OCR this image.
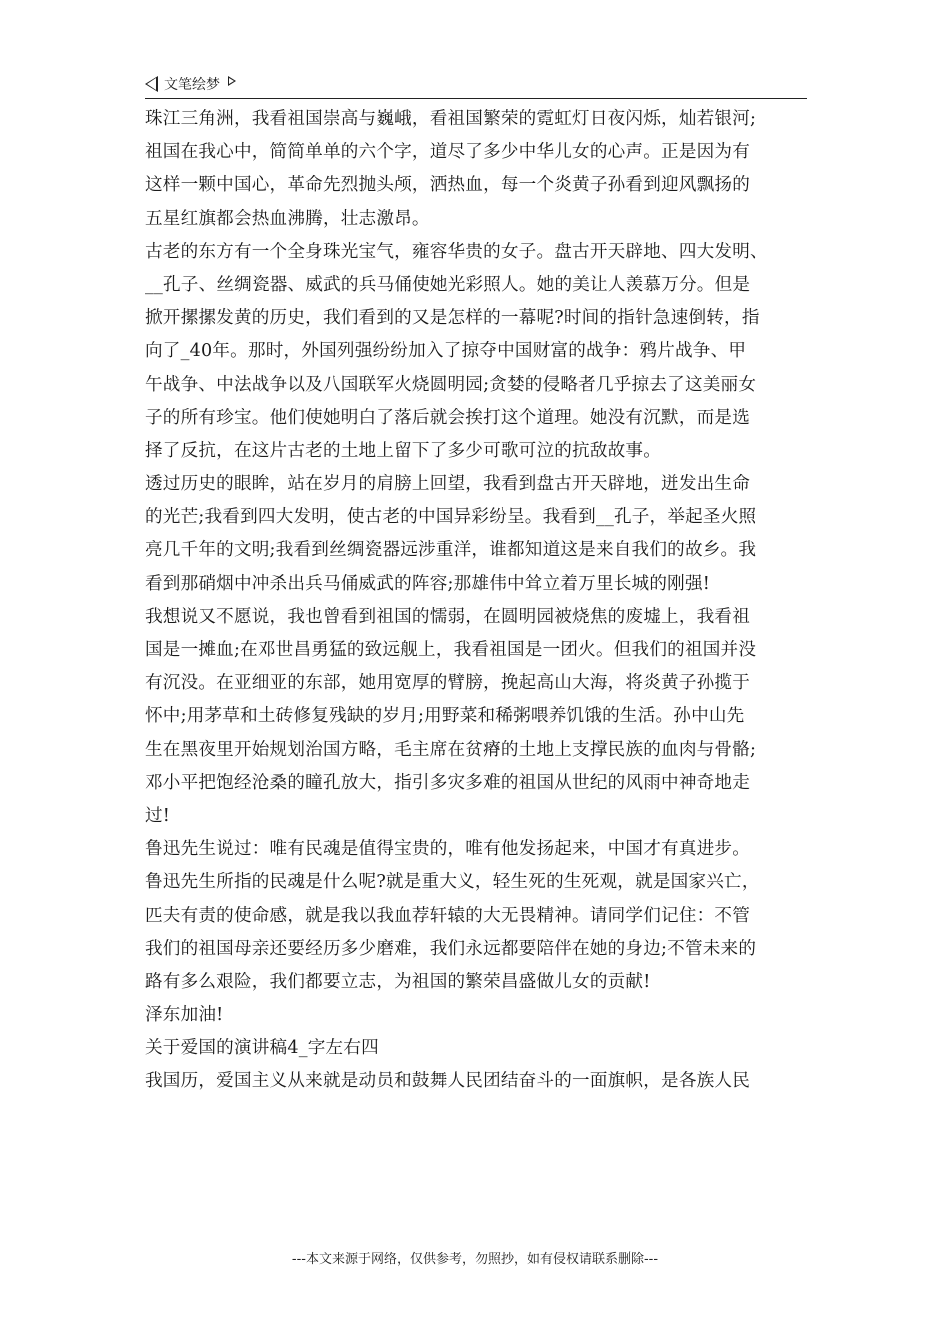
文笔绘梦
珠江三角洲，我看祖国崇高与巍峨，看祖国繁荣的霓虹灯日夜闪烁，灿若银河;
祖国在我心中，简简单单的六个字，道尽了多少中华儿女的心声。正是因为有
这样一颗中国心，革命先烈抛头颅，洒热血，每一个炎黄子孙看到迎风飘扬的
五星红旗都会热血沸腾，壮志激昂。
古老的东方有一个全身珠光宝气，雍容华贵的女子。盘古开天辟地、四大发明、
__孔子、丝绸瓷器、威武的兵马俑使她光彩照人。她的美让人羡慕万分。但是
掀开摞摞发黄的历史，我们看到的又是怎样的一幕呢?时间的指针急速倒转，指
向了_40年。那时，外国列强纷纷加入了掠夺中国财富的战争：鸦片战争、甲
午战争、中法战争以及八国联军火烧圆明园;贪婪的侵略者几乎掠去了这美丽女
子的所有珍宝。他们使她明白了落后就会挨打这个道理。她没有沉默，而是选
择了反抗，在这片古老的土地上留下了多少可歌可泣的抗敌故事。
透过历史的眼眸，站在岁月的肩膀上回望，我看到盘古开天辟地，迸发出生命
的光芒;我看到四大发明，使古老的中国异彩纷呈。我看到__孔子，举起圣火照
亮几千年的文明;我看到丝绸瓷器远涉重洋，谁都知道这是来自我们的故乡。我
看到那硝烟中冲杀出兵马俑威武的阵容;那雄伟中耸立着万里长城的刚强!
我想说又不愿说，我也曾看到祖国的懦弱，在圆明园被烧焦的废墟上，我看祖
国是一摊血;在邓世昌勇猛的致远舰上，我看祖国是一团火。但我们的祖国并没
有沉没。在亚细亚的东部，她用宽厚的臂膀，挽起高山大海，将炎黄子孙揽于
怀中;用茅草和土砖修复残缺的岁月;用野菜和稀粥喂养饥饿的生活。孙中山先
生在黑夜里开始规划治国方略，毛主席在贫瘠的土地上支撑民族的血肉与骨骼;
邓小平把饱经沧桑的瞳孔放大，指引多灾多难的祖国从世纪的风雨中神奇地走
过!
鲁迅先生说过：唯有民魂是值得宝贵的，唯有他发扬起来，中国才有真进步。
鲁迅先生所指的民魂是什么呢?就是重大义，轻生死的生死观，就是国家兴亡，
匹夫有责的使命感，就是我以我血荐轩辕的大无畏精神。请同学们记住：不管
我们的祖国母亲还要经历多少磨难，我们永远都要陪伴在她的身边;不管未来的
路有多么艰险，我们都要立志，为祖国的繁荣昌盛做儿女的贡献!
泽东加油!
关于爱国的演讲稿4_字左右四
我国历，爱国主义从来就是动员和鼓舞人民团结奋斗的一面旗帜，是各族人民
---本文来源于网络，仅供参考，勿照抄，如有侵权请联系删除---
